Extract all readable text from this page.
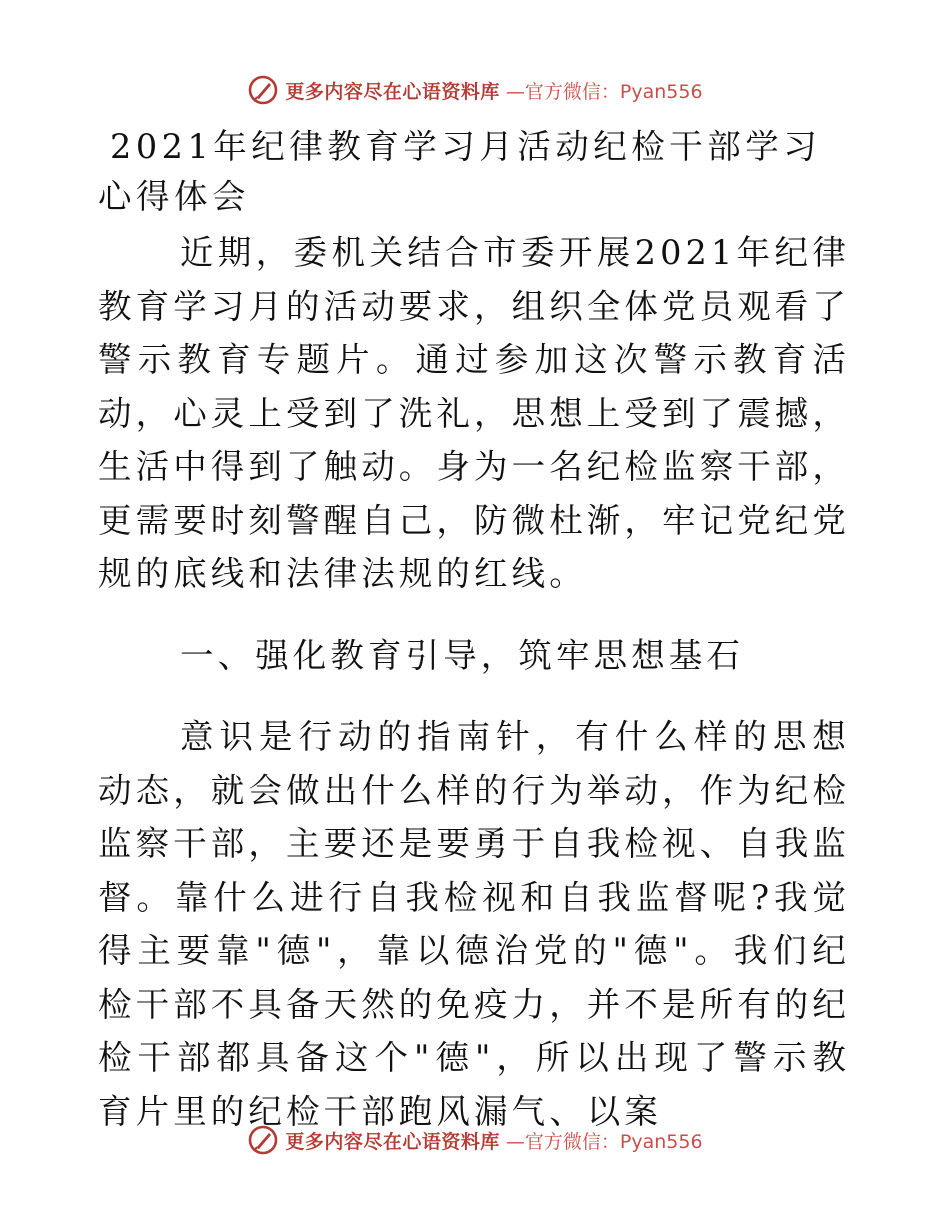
更多内容尽在心语资料库 —官方微信：Pyan556
2021年纪律教育学习月活动纪检干部学习心得体会

近期，委机关结合市委开展2021年纪律教育学习月的活动要求，组织全体党员观看了警示教育专题片。通过参加这次警示教育活动，心灵上受到了洗礼，思想上受到了震撼，生活中得到了触动。身为一名纪检监察干部，更需要时刻警醒自己，防微杜渐，牢记党纪党规的底线和法律法规的红线。

一、强化教育引导，筑牢思想基石

意识是行动的指南针，有什么样的思想动态，就会做出什么样的行为举动，作为纪检监察干部，主要还是要勇于自我检视、自我监督。靠什么进行自我检视和自我监督呢?我觉得主要靠"德"，靠以德治党的"德"。我们纪检干部不具备天然的免疫力，并不是所有的纪检干部都具备这个"德"，所以出现了警示教育片里的纪检干部跑风漏气、以案

更多内容尽在心语资料库 —官方微信：Pyan556
